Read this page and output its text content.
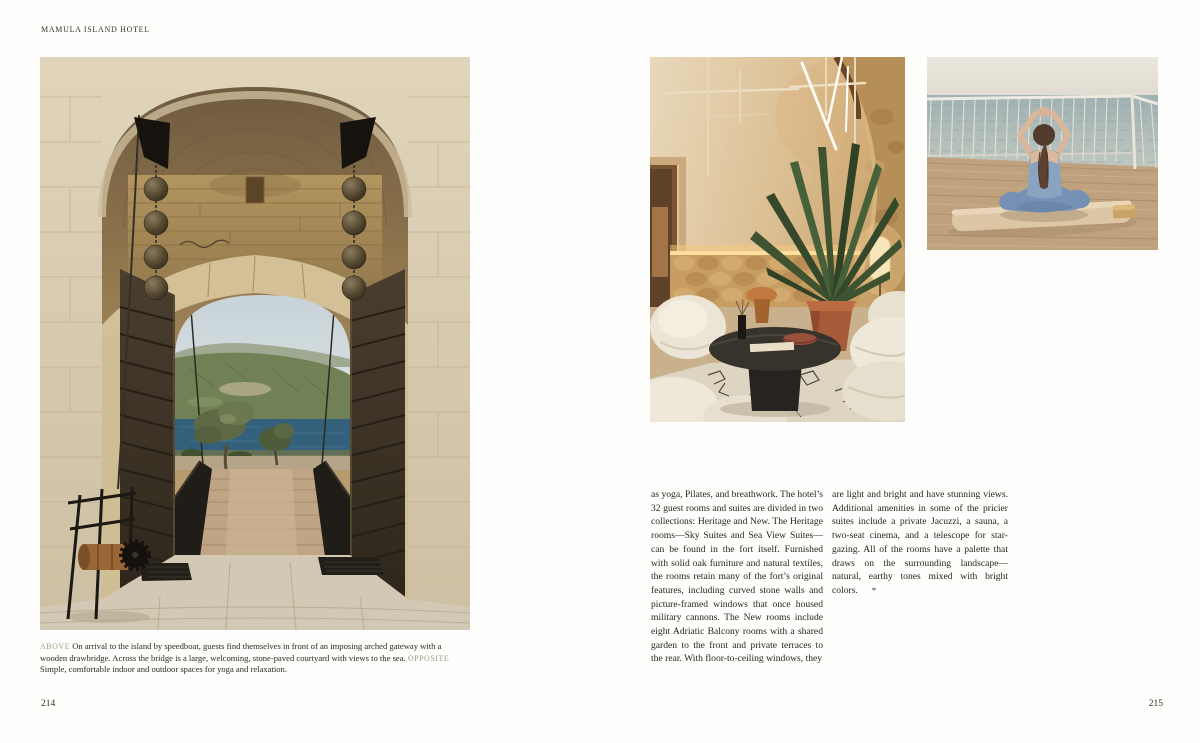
MAMULA ISLAND HOTEL

ABOVE On arrival to the island by speedboat, guests find themselves in front of an imposing arched gateway with a wooden drawbridge. Across the bridge is a large, welcoming, stone-paved courtyard with views to the sea. OPPOSITE Simple, comfortable indoor and outdoor spaces for yoga and relaxation.

214

as yoga, Pilates, and breathwork. The hotel’s 32 guest rooms and suites are divided in two collections: Heritage and New. The Heritage rooms—Sky Suites and Sea View Suites—can be found in the fort itself. Furnished with solid oak furniture and natural textiles, the rooms retain many of the fort’s original features, including curved stone walls and picture-framed windows that once housed military cannons. The New rooms include eight Adriatic Balcony rooms with a shared garden to the front and private terraces to the rear. With floor-to-ceiling windows, they

are light and bright and have stunning views. Additional amenities in some of the pricier suites include a private Jacuzzi, a sauna, a two-seat cinema, and a telescope for star-gazing. All of the rooms have a palette that draws on the surrounding landscape—natural, earthy tones mixed with bright colors. *

215
